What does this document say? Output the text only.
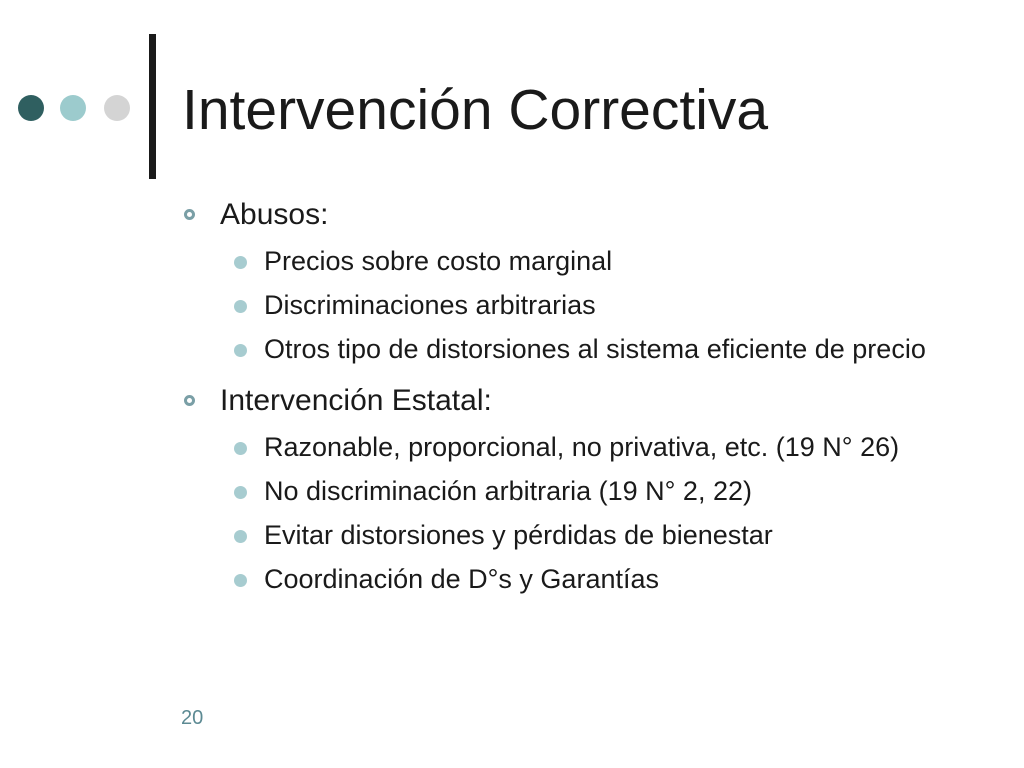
Intervención Correctiva
Abusos:
Precios sobre costo marginal
Discriminaciones arbitrarias
Otros tipo de distorsiones al sistema eficiente de precio
Intervención Estatal:
Razonable, proporcional, no privativa, etc. (19 N° 26)
No discriminación arbitraria (19 N° 2, 22)
Evitar distorsiones y pérdidas de bienestar
Coordinación de D°s y Garantías
20
